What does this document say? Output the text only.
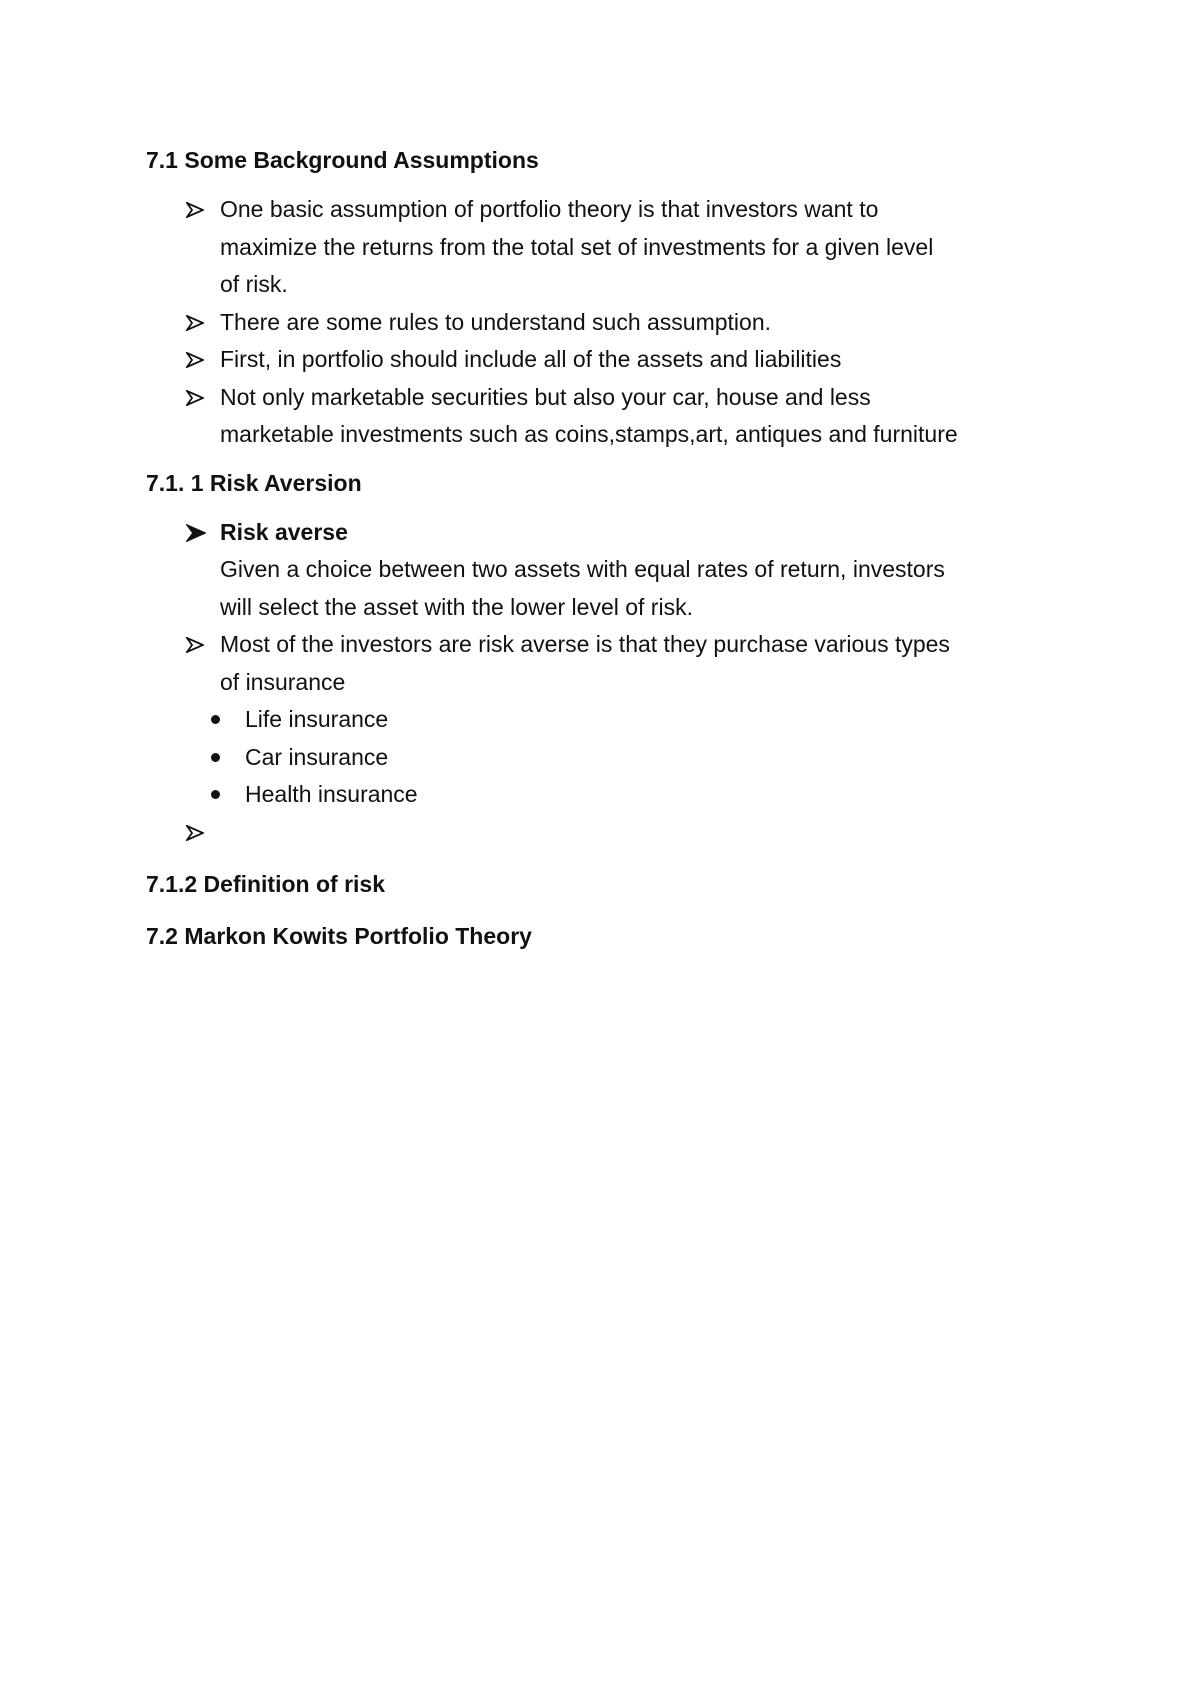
7.1 Some Background Assumptions

One basic assumption of portfolio theory is that investors want to
maximize the returns from the total set of investments for a given level
of risk.
There are some rules to understand such assumption.
First, in portfolio should include all of the assets and liabilities
Not only marketable securities but also your car, house and less
marketable investments such as coins,stamps,art, antiques and furniture

7.1. 1 Risk Aversion

Risk averse
Given a choice between two assets with equal rates of return, investors
will select the asset with the lower level of risk.
Most of the investors are risk averse is that they purchase various types
of insurance
Life insurance
Car insurance
Health insurance

7.1.2 Definition of risk

7.2 Markon Kowits Portfolio Theory
